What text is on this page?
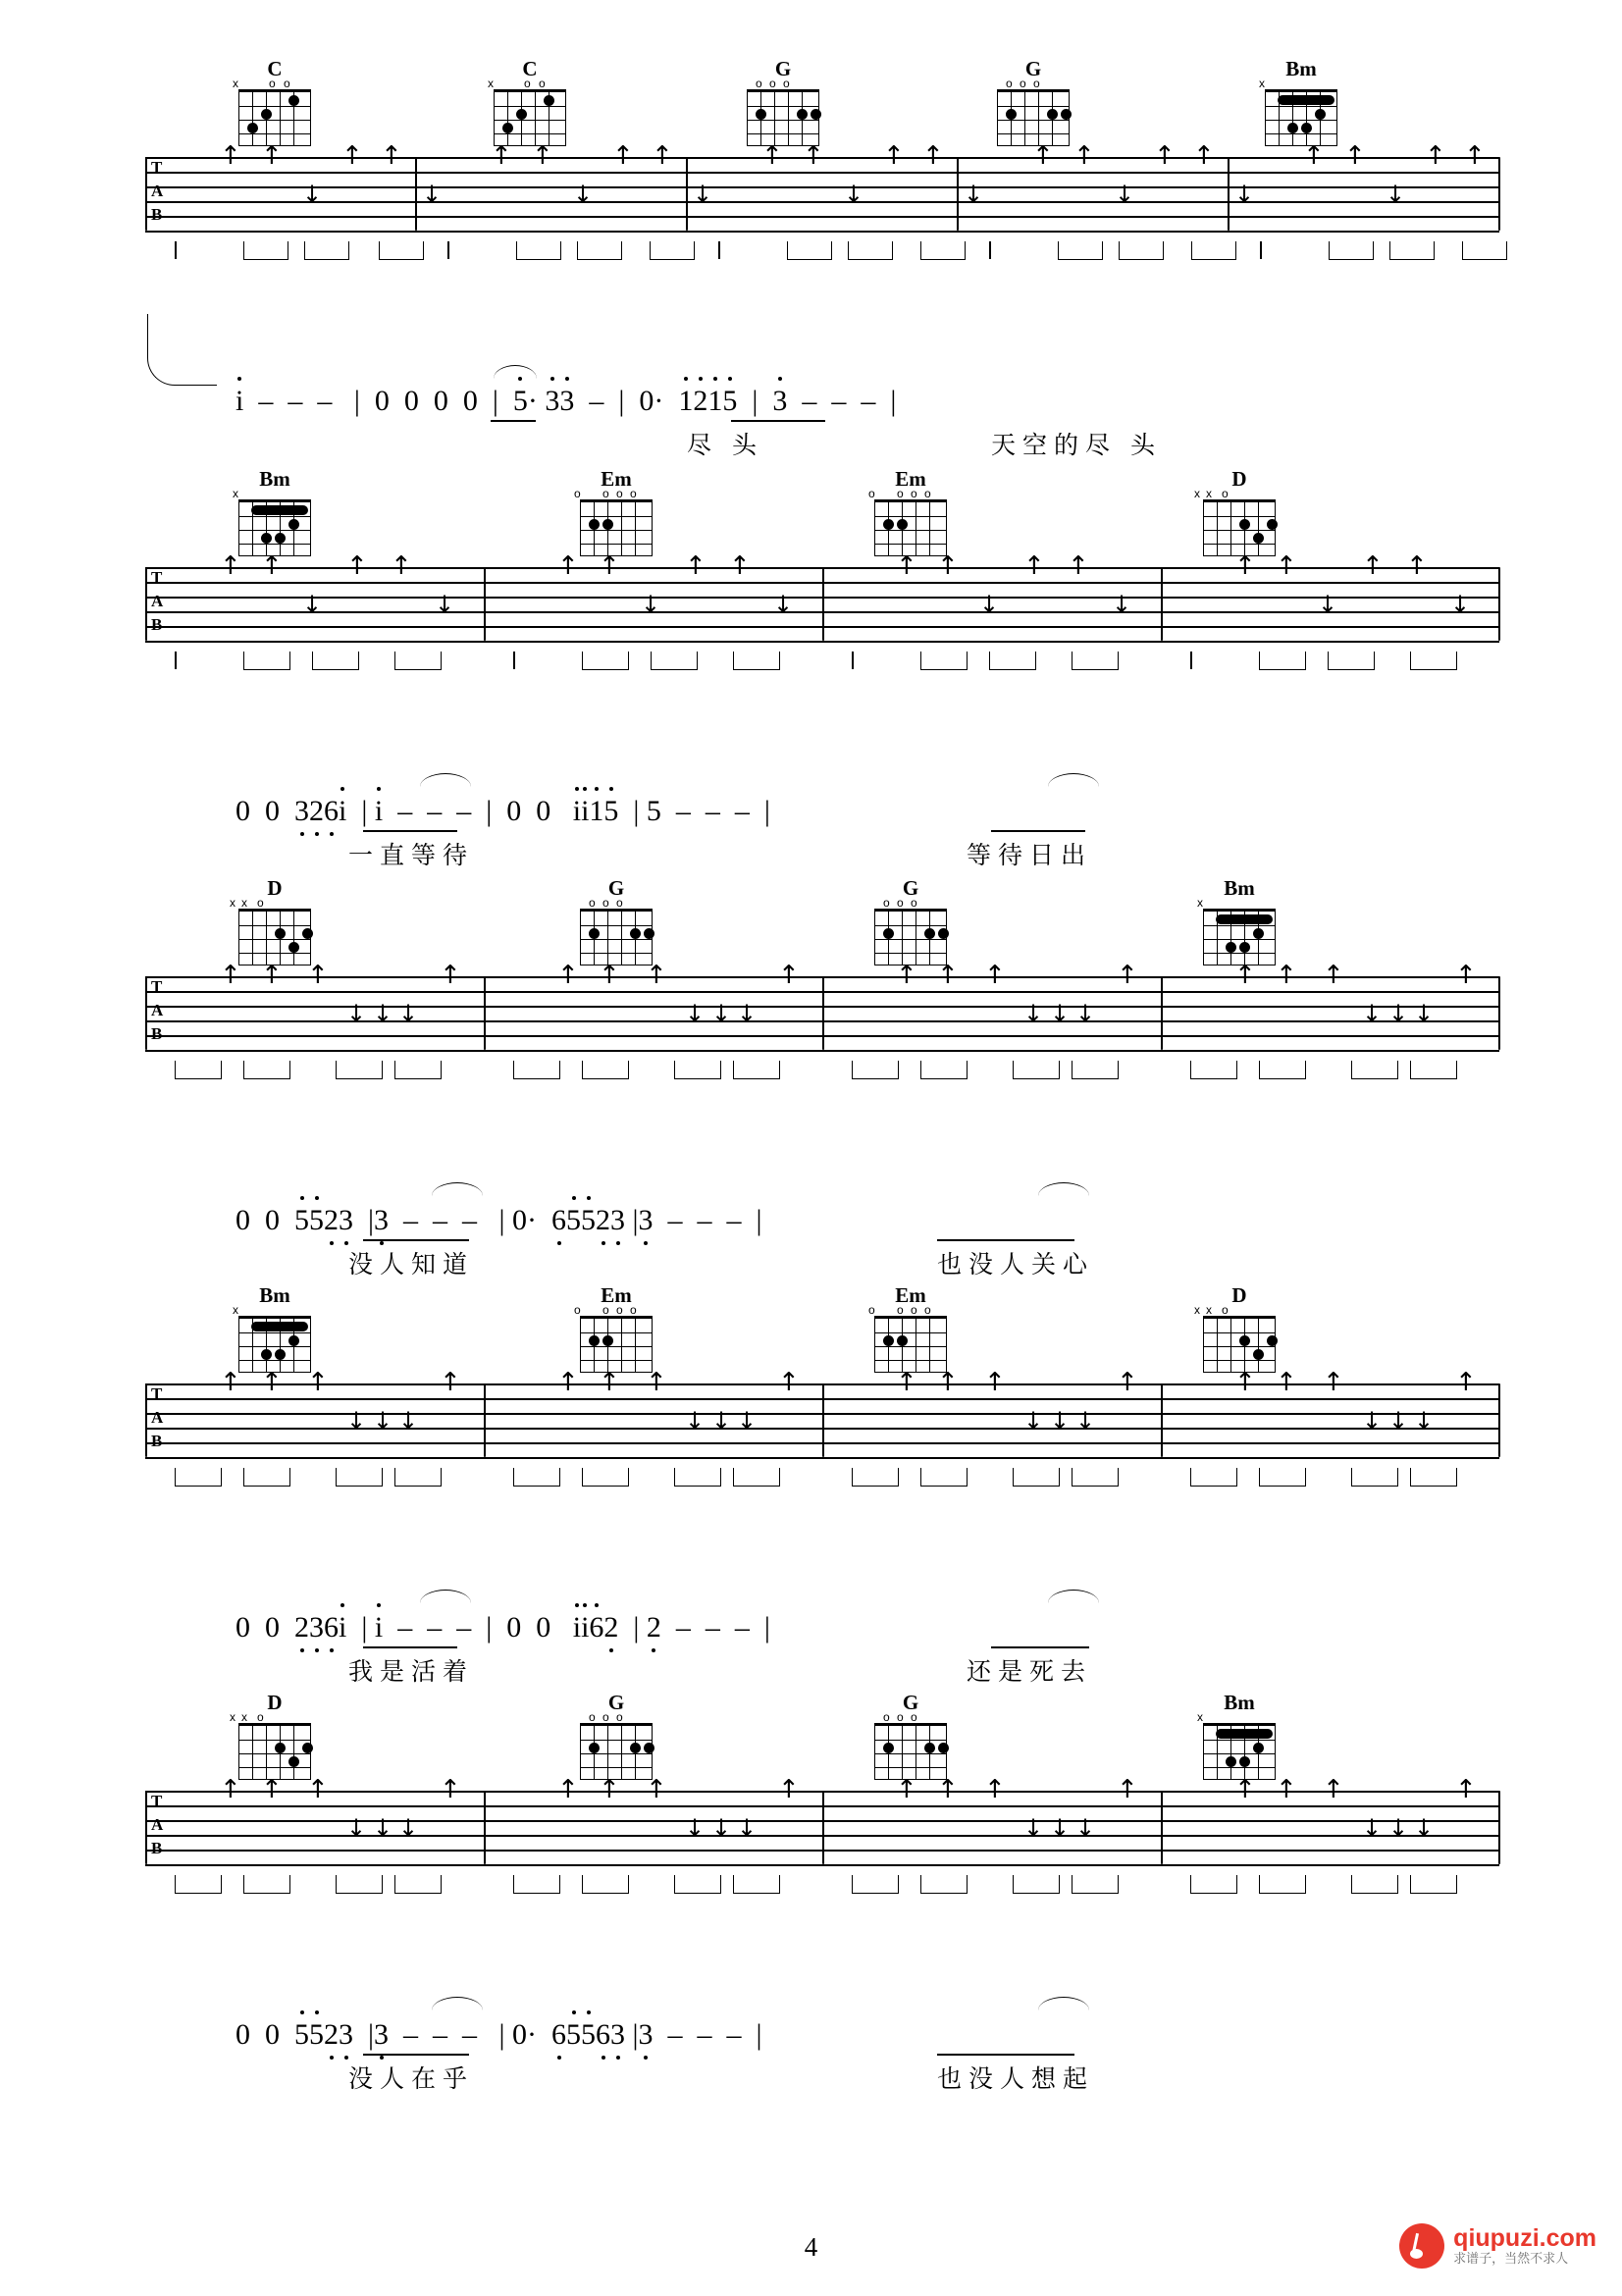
C
x	o o
C
x	o o
G
o o o
G
o o o
Bm
x
T
A
B
↑ ↑
↓
↑ ↑
↓
↑ ↑
↓
↑ ↑
↓
↑ ↑
↓
↑ ↑
↓
↑ ↑
↓
↑ ↑
↓
↑ ↑
↓
↑ ↑
i  –  –  –   |  0  0  0  0  |  5· 33  –  |  0·  1215  |  3  –  –  –  |
尽 头	天空的尽 头
Bm
x
Em
o o o o
Em
o o o o
D
x x o
T
A
B
↑ ↑
↓
↑ ↑
↓
↑ ↑
↓
↑ ↑
↓
↑ ↑
↓
↑ ↑
↓
↑ ↑
↓
↑ ↑
↓
0  0  326i  | i  –  –  –  |  0  0   ii15  | 5  –  –  –  |
一直等待	等待日出
D
x x o
G
o o o
G
o o o
Bm
x
T
A
B
↑ ↑ ↑
↓ ↓ ↓
↑	↑ ↑ ↑
↓ ↓ ↓
↑	↑ ↑ ↑
↓ ↓ ↓
↑	↑ ↑ ↑
↓ ↓ ↓
↑
0  0  5523  |3  –  –  –   | 0·  65523 |3  –  –  –  |
没人知道	也没人关心
Bm
x
Em
o o o o
Em
o o o o
D
x x o
T
A
B
↑ ↑ ↑
↓ ↓ ↓
↑	↑ ↑ ↑
↓ ↓ ↓
↑	↑ ↑ ↑
↓ ↓ ↓
↑	↑ ↑ ↑
↓ ↓ ↓
↑
0  0  236i  | i  –  –  –  |  0  0   ii62  | 2  –  –  –  |
我是活着	还是死去
D
x x o
G
o o o
G
o o o
Bm
x
T
A
B
↑ ↑ ↑
↓ ↓ ↓
↑	↑ ↑ ↑
↓ ↓ ↓
↑	↑ ↑ ↑
↓ ↓ ↓
↑	↑ ↑ ↑
↓ ↓ ↓
↑
0  0  5523  |3  –  –  –   | 0·  65563 |3  –  –  –  |
没人在乎	也没人想起
4	qiupuzi.com
求谱子，当然不求人
